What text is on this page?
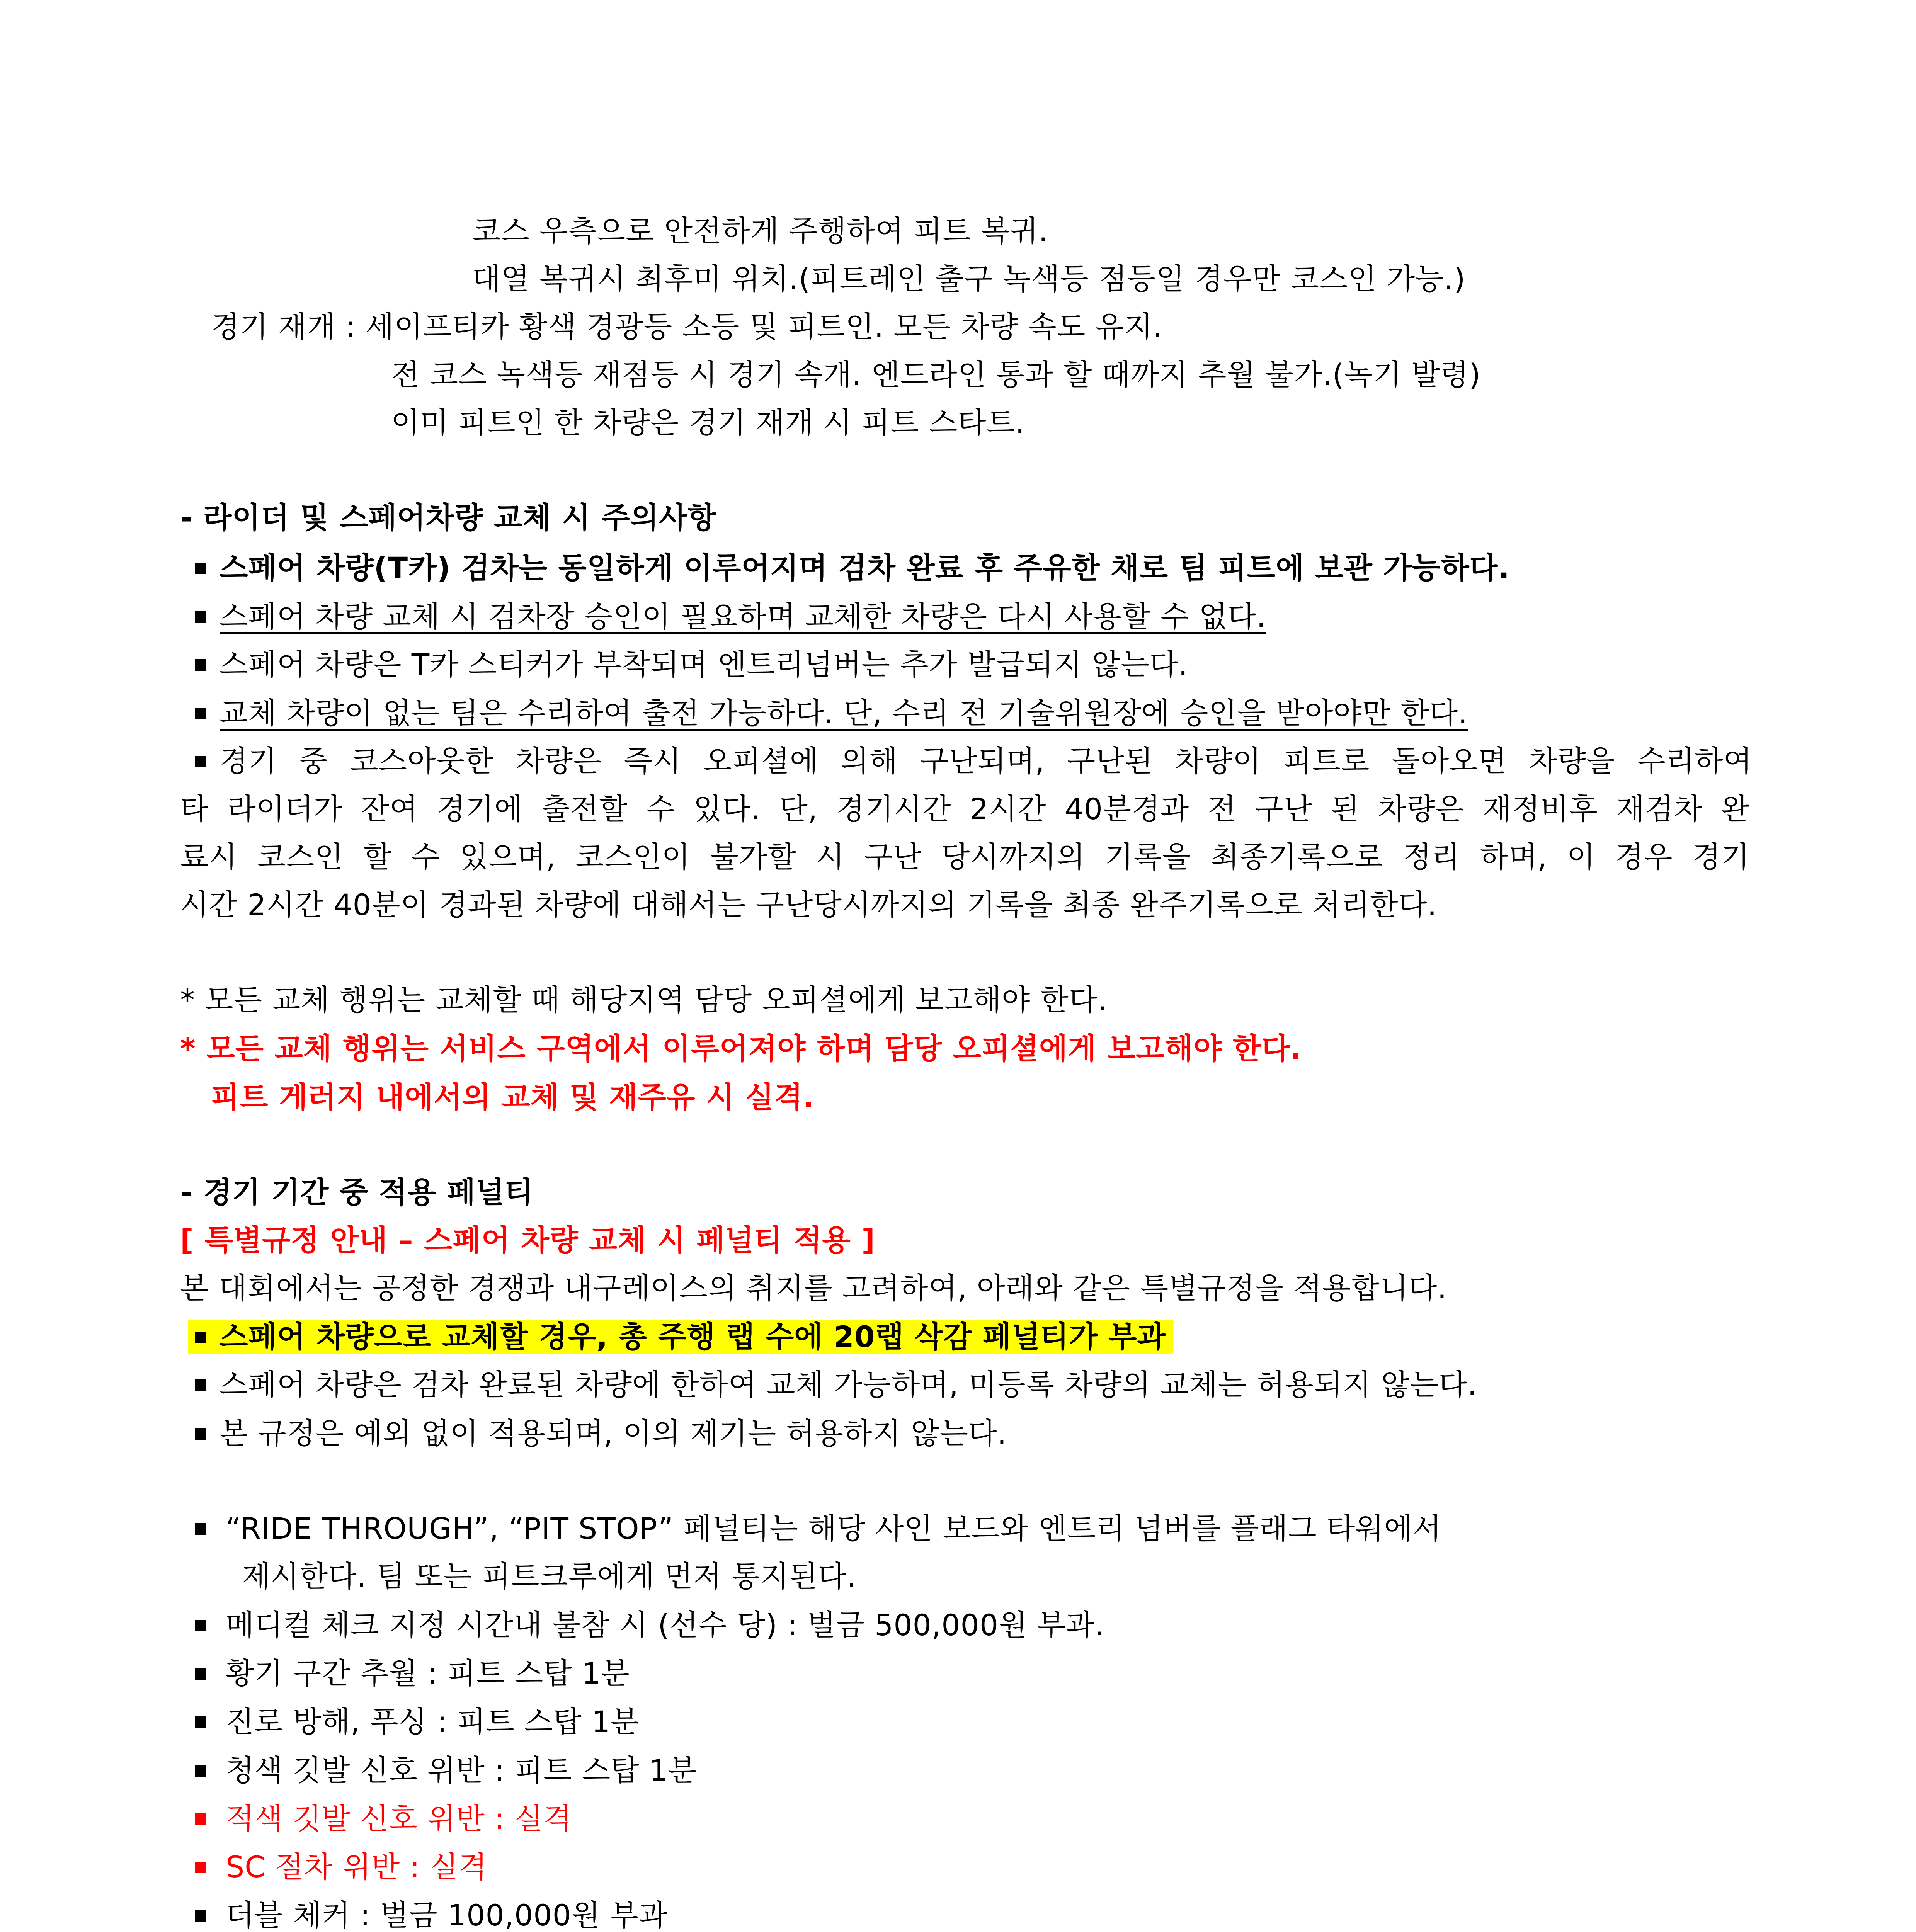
코스 우측으로 안전하게 주행하여 피트 복귀.
대열 복귀시 최후미 위치.(피트레인 출구 녹색등 점등일 경우만 코스인 가능.)
경기 재개 : 세이프티카 황색 경광등 소등 및 피트인. 모든 차량 속도 유지.
전 코스 녹색등 재점등 시 경기 속개. 엔드라인 통과 할 때까지 추월 불가.(녹기 발령)
이미 피트인 한 차량은 경기 재개 시 피트 스타트.
- 라이더 및 스페어차량 교체 시 주의사항
스페어 차량(T카) 검차는 동일하게 이루어지며 검차 완료 후 주유한 채로 팀 피트에 보관 가능하다.
스페어 차량 교체 시 검차장 승인이 필요하며 교체한 차량은 다시 사용할 수 없다.
스페어 차량은 T카 스티커가 부착되며 엔트리넘버는 추가 발급되지 않는다.
교체 차량이 없는 팀은 수리하여 출전 가능하다. 단, 수리 전 기술위원장에 승인을 받아야만 한다.
경기 중 코스아웃한 차량은 즉시 오피셜에 의해 구난되며, 구난된 차량이 피트로 돌아오면 차량을 수리하여
타 라이더가 잔여 경기에 출전할 수 있다. 단, 경기시간 2시간 40분경과 전 구난 된 차량은 재정비후 재검차 완
료시 코스인 할 수 있으며, 코스인이 불가할 시 구난 당시까지의 기록을 최종기록으로 정리 하며, 이 경우 경기
시간 2시간 40분이 경과된 차량에 대해서는 구난당시까지의 기록을 최종 완주기록으로 처리한다.
* 모든 교체 행위는 교체할 때 해당지역 담당 오피셜에게 보고해야 한다.
* 모든 교체 행위는 서비스 구역에서 이루어져야 하며 담당 오피셜에게 보고해야 한다.
피트 게러지 내에서의 교체 및 재주유 시 실격.
- 경기 기간 중 적용 페널티
[ 특별규정 안내 – 스페어 차량 교체 시 페널티 적용 ]
본 대회에서는 공정한 경쟁과 내구레이스의 취지를 고려하여, 아래와 같은 특별규정을 적용합니다.
스페어 차량으로 교체할 경우, 총 주행 랩 수에 20랩 삭감 페널티가 부과
스페어 차량은 검차 완료된 차량에 한하여 교체 가능하며, 미등록 차량의 교체는 허용되지 않는다.
본 규정은 예외 없이 적용되며, 이의 제기는 허용하지 않는다.
“RIDE THROUGH”, “PIT STOP” 페널티는 해당 사인 보드와 엔트리 넘버를 플래그 타워에서
제시한다. 팀 또는 피트크루에게 먼저 통지된다.
메디컬 체크 지정 시간내 불참 시 (선수 당) : 벌금 500,000원 부과.
황기 구간 추월 : 피트 스탑 1분
진로 방해, 푸싱 : 피트 스탑 1분
청색 깃발 신호 위반 : 피트 스탑 1분
적색 깃발 신호 위반 : 실격
SC 절차 위반 : 실격
더블 체커 : 벌금 100,000원 부과
